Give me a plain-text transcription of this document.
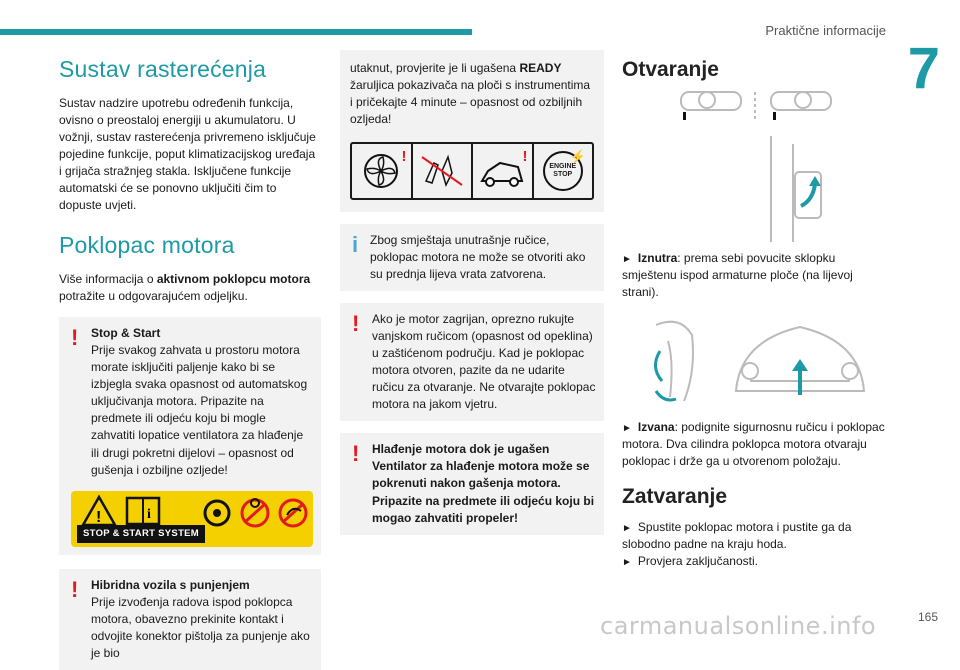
Praktične informacije
7
Sustav rasterećenja

Sustav nadzire upotrebu određenih funkcija, ovisno o preostaloj energiji u akumulatoru. U vožnji, sustav rasterećenja privremeno isključuje pojedine funkcije, poput klimatizacijskog uređaja i grijača stražnjeg stakla. Isključene funkcije automatski će se ponovno uključiti čim to dopuste uvjeti.

Poklopac motora

Više informacija o aktivnom poklopcu motora potražite u odgovarajućem odjeljku.

! Stop & Start
Prije svakog zahvata u prostoru motora morate isključiti paljenje kako bi se izbjegla svaka opasnost od automatskog uključivanja motora. Pripazite na predmete ili odjeću koju bi mogle zahvatiti lopatice ventilatora za hlađenje ili drugi pokretni dijelovi – opasnost od gušenja i ozbiljne ozljede!
!	i
STOP & START SYSTEM
! Hibridna vozila s punjenjem
Prije izvođenja radova ispod poklopca motora, obavezno prekinite kontakt i odvojite konektor pištolja za punjenje ako je bio
utaknut, provjerite je li ugašena READY žaruljica pokazivača na ploči s instrumentima i pričekajte 4 minute – opasnost od ozbiljnih ozljeda!
!	!
ENGINE STOP
⚡
i Zbog smještaja unutrašnje ručice, poklopac motora ne može se otvoriti ako su prednja lijeva vrata zatvorena.
!	Ako je motor zagrijan, oprezno rukujte vanjskom ručicom (opasnost od opeklina) u zaštićenom području. Kad je poklopac motora otvoren, pazite da ne udarite ručicu za otvaranje. Ne otvarajte poklopac motora na jakom vjetru.
!	Hlađenje motora dok je ugašen Ventilator za hlađenje motora može se pokrenuti nakon gašenja motora. Pripazite na predmete ili odjeću koju bi mogao zahvatiti propeler!
Otvaranje

► Iznutra: prema sebi povucite sklopku smještenu ispod armaturne ploče (na lijevoj strani).

► Izvana: podignite sigurnosnu ručicu i poklopac motora. Dva cilindra poklopca motora otvaraju poklopac i drže ga u otvorenom položaju.

Zatvaranje

► Spustite poklopac motora i pustite ga da slobodno padne na kraju hoda.

► Provjera zaključanosti.

carmanualsonline.info	165
